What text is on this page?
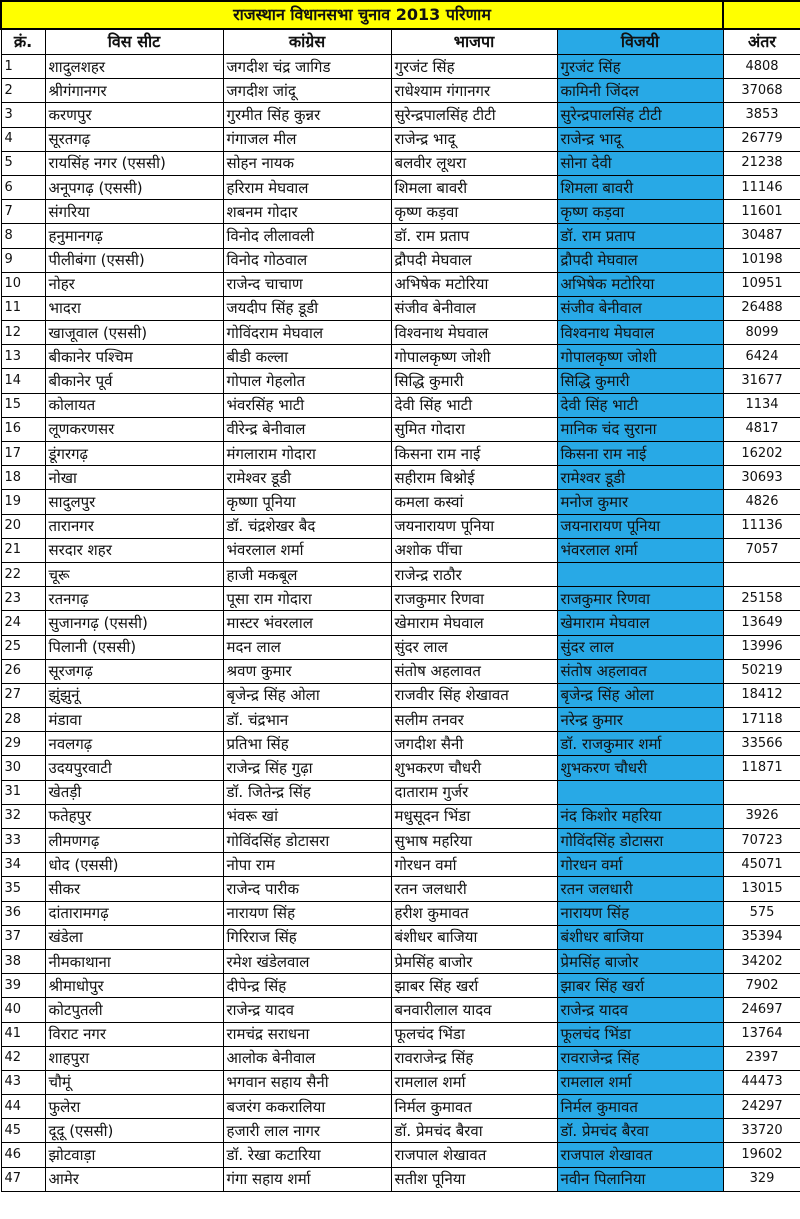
राजस्थान विधानसभा चुनाव 2013 परिणाम					
क्रं.	विस सीट	कांग्रेस	भाजपा	विजयी	अंतर
1	शादुलशहर	जगदीश चंद्र जागिड	गुरजंट सिंह	गुरजंट सिंह	4808
2	श्रीगंगानगर	जगदीश जांदू	राधेश्याम गंगानगर	कामिनी जिंदल	37068
3	करणपुर	गुरमीत सिंह कुन्नर	सुरेन्द्रपालसिंह टीटी	सुरेन्द्रपालसिंह टीटी	3853
4	सूरतगढ़	गंगाजल मील	राजेन्द्र भादू	राजेन्द्र भादू	26779
5	रायसिंह नगर (एससी)	सोहन नायक	बलवीर लूथरा	सोना देवी	21238
6	अनूपगढ़ (एससी)	हरिराम मेघवाल	शिमला बावरी	शिमला बावरी	11146
7	संगरिया	शबनम गोदार	कृष्ण कड़वा	कृष्ण कड़वा	11601
8	हनुमानगढ़	विनोद लीलावली	डॉ. राम प्रताप	डॉ. राम प्रताप	30487
9	पीलीबंगा (एससी)	विनोद गोठवाल	द्रौपदी मेघवाल	द्रौपदी मेघवाल	10198
10	नोहर	राजेन्द चाचाण	अभिषेक मटोरिया	अभिषेक मटोरिया	10951
11	भादरा	जयदीप सिंह डूडी	संजीव बेनीवाल	संजीव बेनीवाल	26488
12	खाजूवाल (एससी)	गोविंदराम मेघवाल	विश्वनाथ मेघवाल	विश्वनाथ मेघवाल	8099
13	बीकानेर पश्चिम	बीडी कल्ला	गोपालकृष्ण जोशी	गोपालकृष्ण जोशी	6424
14	बीकानेर पूर्व	गोपाल गेहलोत	सिद्धि कुमारी	सिद्धि कुमारी	31677
15	कोलायत	भंवरसिंह भाटी	देवी सिंह भाटी	देवी सिंह भाटी	1134
16	लूणकरणसर	वीरेन्द्र बेनीवाल	सुमित गोदारा	मानिक चंद सुराना	4817
17	डूंगरगढ़	मंगलाराम गोदारा	किसना राम नाई	किसना राम नाई	16202
18	नोखा	रामेश्वर डूडी	सहीराम बिश्नोई	रामेश्वर डूडी	30693
19	सादुलपुर	कृष्णा पूनिया	कमला कस्वां	मनोज कुमार	4826
20	तारानगर	डॉ. चंद्रशेखर बैद	जयनारायण पूनिया	जयनारायण पूनिया	11136
21	सरदार शहर	भंवरलाल शर्मा	अशोक पींचा	भंवरलाल शर्मा	7057
22	चूरू	हाजी मकबूल	राजेन्द्र राठौर		
23	रतनगढ़	पूसा राम गोदारा	राजकुमार रिणवा	राजकुमार रिणवा	25158
24	सुजानगढ़ (एससी)	मास्टर भंवरलाल	खेमाराम मेघवाल	खेमाराम मेघवाल	13649
25	पिलानी (एससी)	मदन लाल	सुंदर लाल	सुंदर लाल	13996
26	सूरजगढ़	श्रवण कुमार	संतोष अहलावत	संतोष अहलावत	50219
27	झुंझुनूं	बृजेन्द्र सिंह ओला	राजवीर सिंह शेखावत	बृजेन्द्र सिंह ओला	18412
28	मंडावा	डॉ. चंद्रभान	सलीम तनवर	नरेन्द्र कुमार	17118
29	नवलगढ़	प्रतिभा सिंह	जगदीश सैनी	डॉ. राजकुमार शर्मा	33566
30	उदयपुरवाटी	राजेन्द्र सिंह गुढ़ा	शुभकरण चौधरी	शुभकरण चौधरी	11871
31	खेतड़ी	डॉ. जितेन्द्र सिंह	दाताराम गुर्जर		
32	फतेहपुर	भंवरू खां	मधुसूदन भिंडा	नंद किशोर महरिया	3926
33	लीमणगढ़	गोविंदसिंह डोटासरा	सुभाष महरिया	गोविंदसिंह डोटासरा	70723
34	धोद (एससी)	नोपा राम	गोरधन वर्मा	गोरधन वर्मा	45071
35	सीकर	राजेन्द पारीक	रतन जलधारी	रतन जलधारी	13015
36	दांतारामगढ़	नारायण सिंह	हरीश कुमावत	नारायण सिंह	575
37	खंडेला	गिरिराज सिंह	बंशीधर बाजिया	बंशीधर बाजिया	35394
38	नीमकाथाना	रमेश खंडेलवाल	प्रेमसिंह बाजोर	प्रेमसिंह बाजोर	34202
39	श्रीमाधोपुर	दीपेन्द्र सिंह	झाबर सिंह खर्रा	झाबर सिंह खर्रा	7902
40	कोटपुतली	राजेन्द्र यादव	बनवारीलाल यादव	राजेन्द्र यादव	24697
41	विराट नगर	रामचंद्र सराधना	फूलचंद भिंडा	फूलचंद भिंडा	13764
42	शाहपुरा	आलोक बेनीवाल	रावराजेन्द्र सिंह	रावराजेन्द्र सिंह	2397
43	चौमूं	भगवान सहाय सैनी	रामलाल शर्मा	रामलाल शर्मा	44473
44	फुलेरा	बजरंग ककरालिया	निर्मल कुमावत	निर्मल कुमावत	24297
45	दूदू (एससी)	हजारी लाल नागर	डॉ. प्रेमचंद बैरवा	डॉ. प्रेमचंद बैरवा	33720
46	झोटवाड़ा	डॉ. रेखा कटारिया	राजपाल शेखावत	राजपाल शेखावत	19602
47	आमेर	गंगा सहाय शर्मा	सतीश पूनिया	नवीन पिलानिया	329
